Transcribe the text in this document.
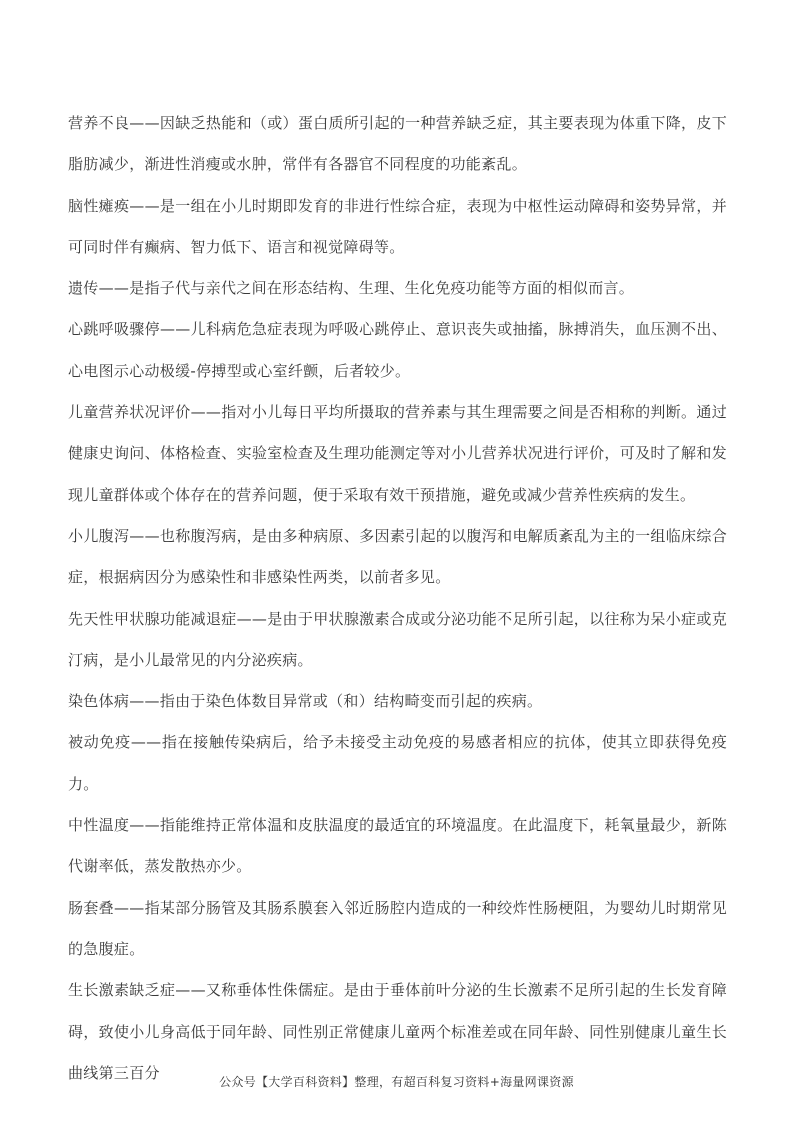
营养不良——因缺乏热能和（或）蛋白质所引起的一种营养缺乏症，其主要表现为体重下降，皮下脂肪减少，渐进性消瘦或水肿，常伴有各器官不同程度的功能紊乱。

脑性瘫痪——是一组在小儿时期即发育的非进行性综合症，表现为中枢性运动障碍和姿势异常，并可同时伴有癫病、智力低下、语言和视觉障碍等。

遗传——是指子代与亲代之间在形态结构、生理、生化免疫功能等方面的相似而言。

心跳呼吸骤停——儿科病危急症表现为呼吸心跳停止、意识丧失或抽搐，脉搏消失，血压测不出、心电图示心动极缓-停搏型或心室纤颤，后者较少。

儿童营养状况评价——指对小儿每日平均所摄取的营养素与其生理需要之间是否相称的判断。通过健康史询问、体格检查、实验室检查及生理功能测定等对小儿营养状况进行评价，可及时了解和发现儿童群体或个体存在的营养问题，便于采取有效干预措施，避免或减少营养性疾病的发生。

小儿腹泻——也称腹泻病，是由多种病原、多因素引起的以腹泻和电解质紊乱为主的一组临床综合症，根据病因分为感染性和非感染性两类，以前者多见。

先天性甲状腺功能减退症——是由于甲状腺激素合成或分泌功能不足所引起，以往称为呆小症或克汀病，是小儿最常见的内分泌疾病。

染色体病——指由于染色体数目异常或（和）结构畸变而引起的疾病。

被动免疫——指在接触传染病后，给予未接受主动免疫的易感者相应的抗体，使其立即获得免疫力。

中性温度——指能维持正常体温和皮肤温度的最适宜的环境温度。在此温度下，耗氧量最少，新陈代谢率低，蒸发散热亦少。

肠套叠——指某部分肠管及其肠系膜套入邻近肠腔内造成的一种绞炸性肠梗阻，为婴幼儿时期常见的急腹症。

生长激素缺乏症——又称垂体性侏儒症。是由于垂体前叶分泌的生长激素不足所引起的生长发育障碍，致使小儿身高低于同年龄、同性别正常健康儿童两个标准差或在同年龄、同性别健康儿童生长曲线第三百分

公众号【大学百科资料】整理，有超百科复习资料+海量网课资源
